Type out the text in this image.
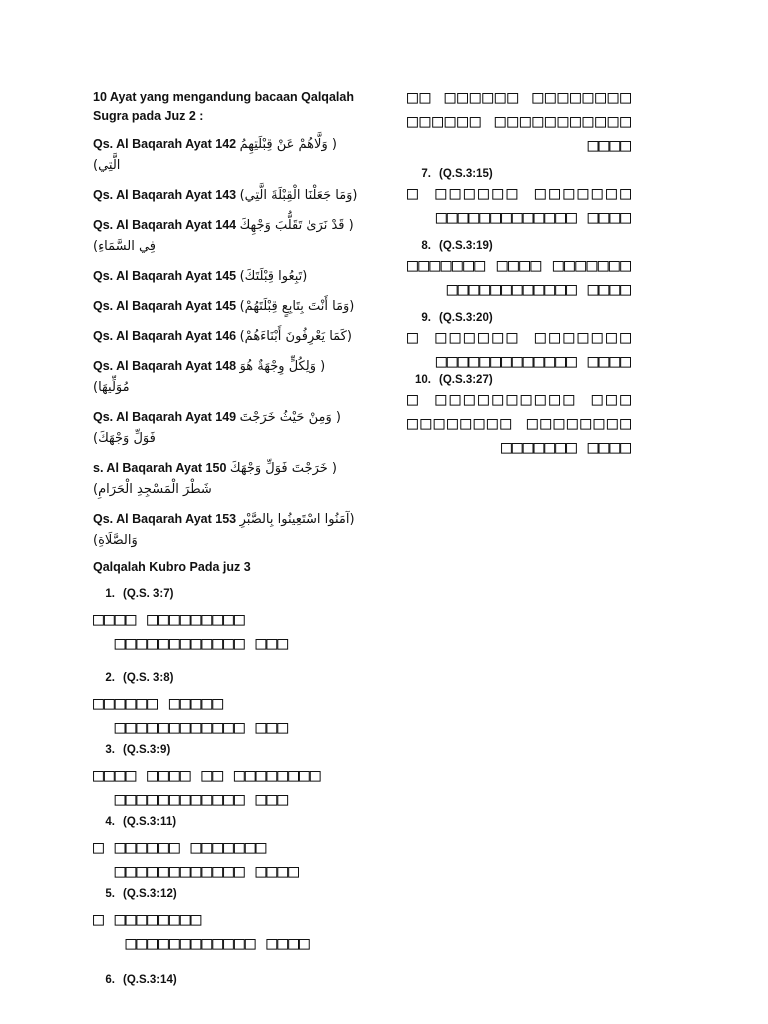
10 Ayat yang mengandung bacaan Qalqalah Sugra pada Juz 2 :
Qs. Al Baqarah Ayat 142 ( وَلَّاهُمْ عَنْ قِبْلَتِهِمُ الَّتِي)
Qs. Al Baqarah Ayat 143 (وَمَا جَعَلْنَا الْقِبْلَةَ الَّتِي)
Qs. Al Baqarah Ayat 144 ( قَدْ نَرَىٰ تَقَلُّبَ وَجْهِكَ فِي السَّمَاءِ)
Qs. Al Baqarah Ayat 145 (تَبِعُوا قِبْلَتَكَ)
Qs. Al Baqarah Ayat 145 (وَمَا أَنْتَ بِتَابِعٍ قِبْلَتَهُمْ)
Qs. Al Baqarah Ayat 146 (كَمَا يَعْرِفُونَ أَبْنَاءَهُمْ)
Qs. Al Baqarah Ayat 148 ( وَلِكُلٍّ وِجْهَةٌ هُوَ مُوَلِّيهَا)
Qs. Al Baqarah Ayat 149 ( وَمِنْ حَيْثُ خَرَجْتَ فَوَلِّ وَجْهَكَ)
s. Al Baqarah Ayat 150 ( خَرَجْتَ فَوَلِّ وَجْهَكَ شَطْرَ الْمَسْجِدِ الْحَرَامِ)
Qs. Al Baqarah Ayat 153 (آمَنُوا اسْتَعِينُوا بِالصَّبْرِ وَالصَّلَاةِ)
Qalqalah Kubro Pada juz 3
1. (Q.S. 3:7)
□□□□ □□□□□□□□□
□□□□□□□□□□□□ □□□
2. (Q.S. 3:8)
□□□□□□ □□□□□
□□□□□□□□□□□□ □□□
3. (Q.S.3:9)
□□□□ □□□□ □□ □□□□□□□□
□□□□□□□□□□□□ □□□
4. (Q.S.3:11)
□ □□□□□□ □□□□□□□
□□□□□□□□□□□□ □□□□
5. (Q.S.3:12)
□ □□□□□□□□
□□□□□□□□□□□□ □□□□
6. (Q.S.3:14)
□□ □□□□□□ □□□□□□□□ □□□□□□ □□□□□□□□□□□ □□□□
7. (Q.S.3:15)
□ □□□□□□ □□□□□□□ □□□□□□□□□□□□□ □□□□
8. (Q.S.3:19)
□□□□□□□ □□□□ □□□□□□□ □□□□□□□□□□□□ □□□□
9. (Q.S.3:20)
□ □□□□□□ □□□□□□□ □□□□□□□□□□□□□ □□□□
10. (Q.S.3:27)
□ □□□□□□□□□□ □□□ □□□□□□□□ □□□□□□□□ □□□□□□□ □□□□
